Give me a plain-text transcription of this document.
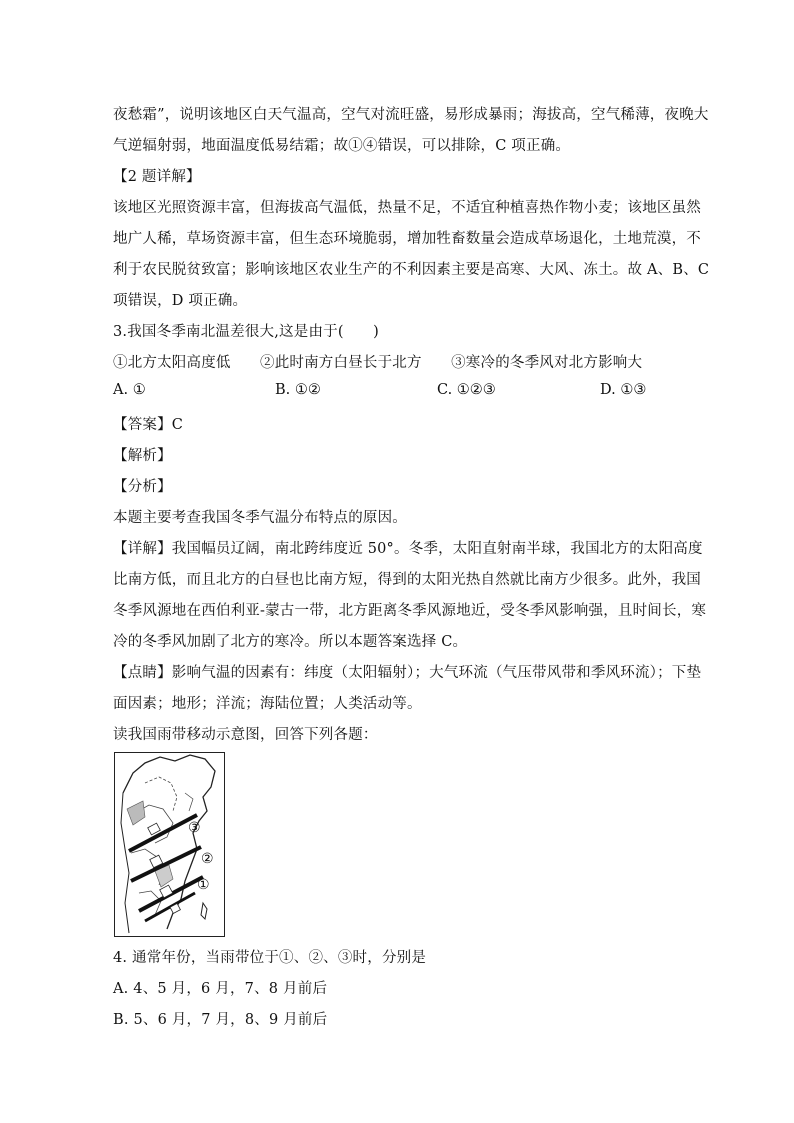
夜愁霜”，说明该地区白天气温高，空气对流旺盛，易形成暴雨；海拔高，空气稀薄，夜晚大
气逆辐射弱，地面温度低易结霜；故①④错误，可以排除，C 项正确。
【2 题详解】
该地区光照资源丰富，但海拔高气温低，热量不足，不适宜种植喜热作物小麦；该地区虽然
地广人稀，草场资源丰富，但生态环境脆弱，增加牲畜数量会造成草场退化，土地荒漠，不
利于农民脱贫致富；影响该地区农业生产的不利因素主要是高寒、大风、冻土。故 A、B、C
项错误，D 项正确。
3.我国冬季南北温差很大,这是由于(　　)
①北方太阳高度低　　②此时南方白昼长于北方　　③寒冷的冬季风对北方影响大
A. ①	B. ①②	C. ①②③	D. ①③
【答案】C
【解析】
【分析】
本题主要考查我国冬季气温分布特点的原因。
【详解】我国幅员辽阔，南北跨纬度近 50°。冬季，太阳直射南半球，我国北方的太阳高度
比南方低，而且北方的白昼也比南方短，得到的太阳光热自然就比南方少很多。此外，我国
冬季风源地在西伯利亚-蒙古一带，北方距离冬季风源地近，受冬季风影响强，且时间长，寒
冷的冬季风加剧了北方的寒冷。所以本题答案选择 C。
【点睛】影响气温的因素有：纬度（太阳辐射）；大气环流（气压带风带和季风环流）；下垫
面因素；地形；洋流；海陆位置；人类活动等。
读我国雨带移动示意图，回答下列各题：
③
②
①
4. 通常年份，当雨带位于①、②、③时，分别是
A. 4、5 月，6 月，7、8 月前后
B. 5、6 月，7 月，8、9 月前后
